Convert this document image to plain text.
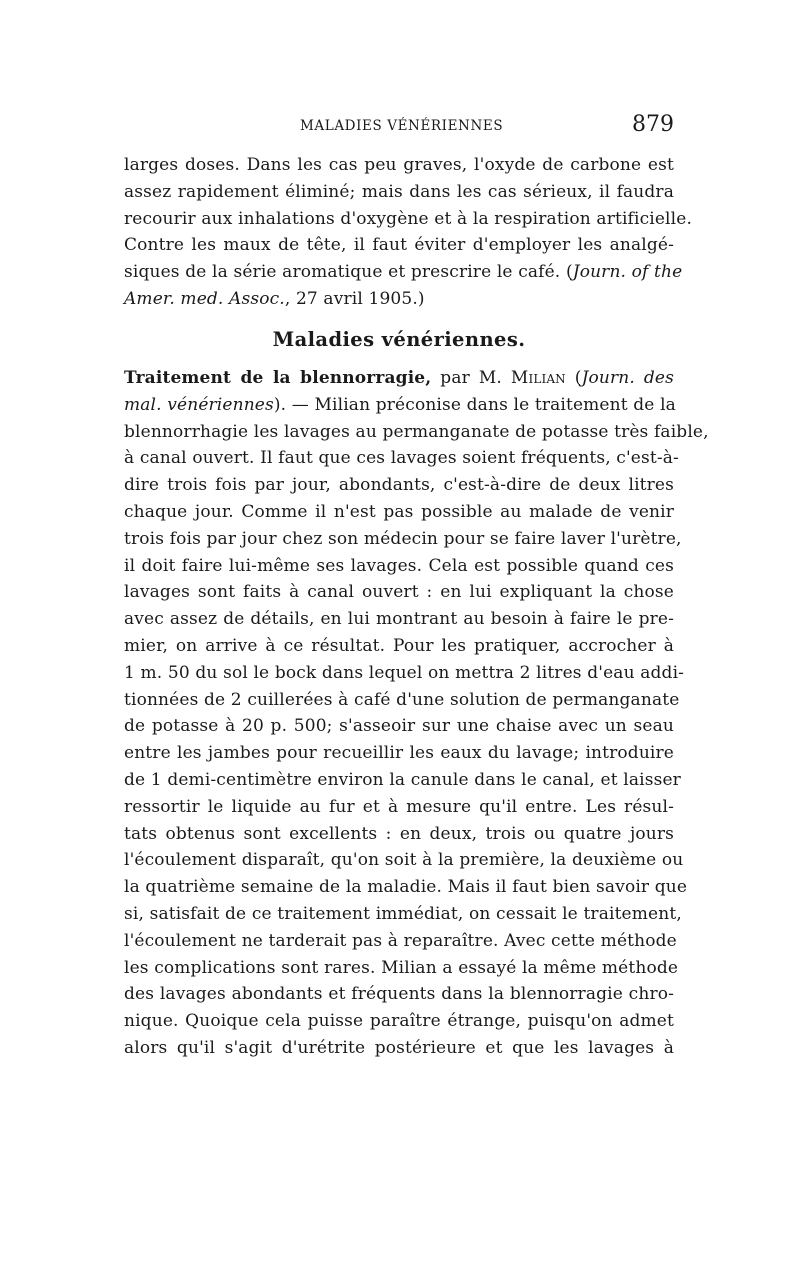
MALADIES VÉNÉRIENNES	879
larges doses. Dans les cas peu graves, l'oxyde de carbone est
assez rapidement éliminé; mais dans les cas sérieux, il faudra
recourir aux inhalations d'oxygène et à la respiration artificielle.
Contre les maux de tête, il faut éviter d'employer les analgé-
siques de la série aromatique et prescrire le café. (Journ. of the
Amer. med. Assoc., 27 avril 1905.)
Maladies vénériennes.
Traitement de la blennorragie, par M. Milian (Journ. des
mal. vénériennes). — Milian préconise dans le traitement de la
blennorrhagie les lavages au permanganate de potasse très faible,
à canal ouvert. Il faut que ces lavages soient fréquents, c'est-à-
dire trois fois par jour, abondants, c'est-à-dire de deux litres
chaque jour. Comme il n'est pas possible au malade de venir
trois fois par jour chez son médecin pour se faire laver l'urètre,
il doit faire lui-même ses lavages. Cela est possible quand ces
lavages sont faits à canal ouvert : en lui expliquant la chose
avec assez de détails, en lui montrant au besoin à faire le pre-
mier, on arrive à ce résultat. Pour les pratiquer, accrocher à
1 m. 50 du sol le bock dans lequel on mettra 2 litres d'eau addi-
tionnées de 2 cuillerées à café d'une solution de permanganate
de potasse à 20 p. 500; s'asseoir sur une chaise avec un seau
entre les jambes pour recueillir les eaux du lavage; introduire
de 1 demi-centimètre environ la canule dans le canal, et laisser
ressortir le liquide au fur et à mesure qu'il entre. Les résul-
tats obtenus sont excellents : en deux, trois ou quatre jours
l'écoulement disparaît, qu'on soit à la première, la deuxième ou
la quatrième semaine de la maladie. Mais il faut bien savoir que
si, satisfait de ce traitement immédiat, on cessait le traitement,
l'écoulement ne tarderait pas à reparaître. Avec cette méthode
les complications sont rares. Milian a essayé la même méthode
des lavages abondants et fréquents dans la blennorragie chro-
nique. Quoique cela puisse paraître étrange, puisqu'on admet
alors qu'il s'agit d'urétrite postérieure et que les lavages à
